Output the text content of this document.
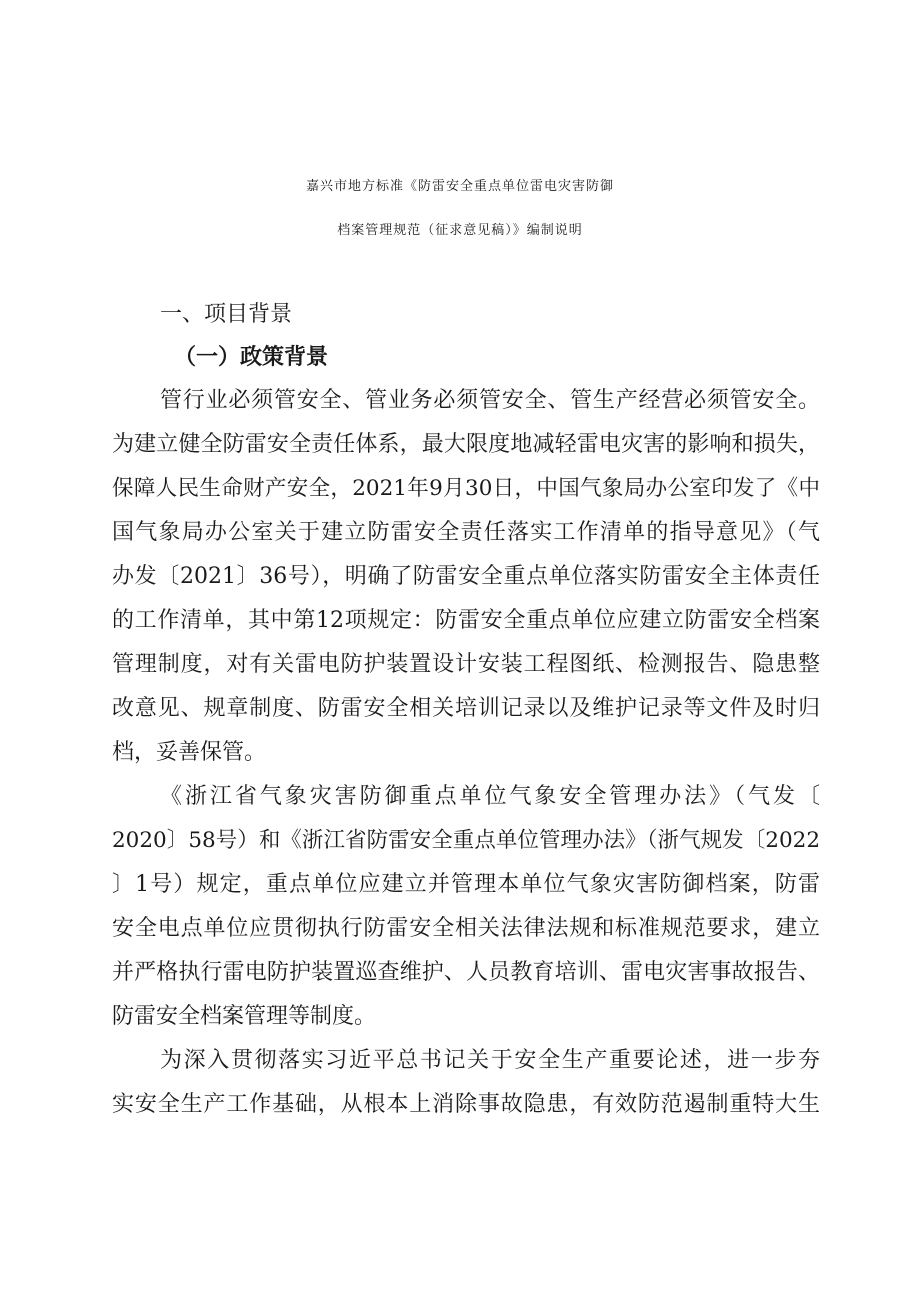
嘉兴市地方标准《防雷安全重点单位雷电灾害防御
档案管理规范（征求意见稿）》编制说明
一、项目背景
（一）政策背景
管行业必须管安全、管业务必须管安全、管生产经营必须管安全。
为建立健全防雷安全责任体系，最大限度地减轻雷电灾害的影响和损失，
保障人民生命财产安全，2021年9月30日，中国气象局办公室印发了《中
国气象局办公室关于建立防雷安全责任落实工作清单的指导意见》（气
办发〔2021〕36号），明确了防雷安全重点单位落实防雷安全主体责任
的工作清单，其中第12项规定：防雷安全重点单位应建立防雷安全档案
管理制度，对有关雷电防护装置设计安装工程图纸、检测报告、隐患整
改意见、规章制度、防雷安全相关培训记录以及维护记录等文件及时归
档，妥善保管。
《浙江省气象灾害防御重点单位气象安全管理办法》（气发〔
2020〕58号）和《浙江省防雷安全重点单位管理办法》（浙气规发〔2022
〕1号）规定，重点单位应建立并管理本单位气象灾害防御档案，防雷
安全电点单位应贯彻执行防雷安全相关法律法规和标准规范要求，建立
并严格执行雷电防护装置巡查维护、人员教育培训、雷电灾害事故报告、
防雷安全档案管理等制度。
为深入贯彻落实习近平总书记关于安全生产重要论述，进一步夯
实安全生产工作基础，从根本上消除事故隐患，有效防范遏制重特大生
